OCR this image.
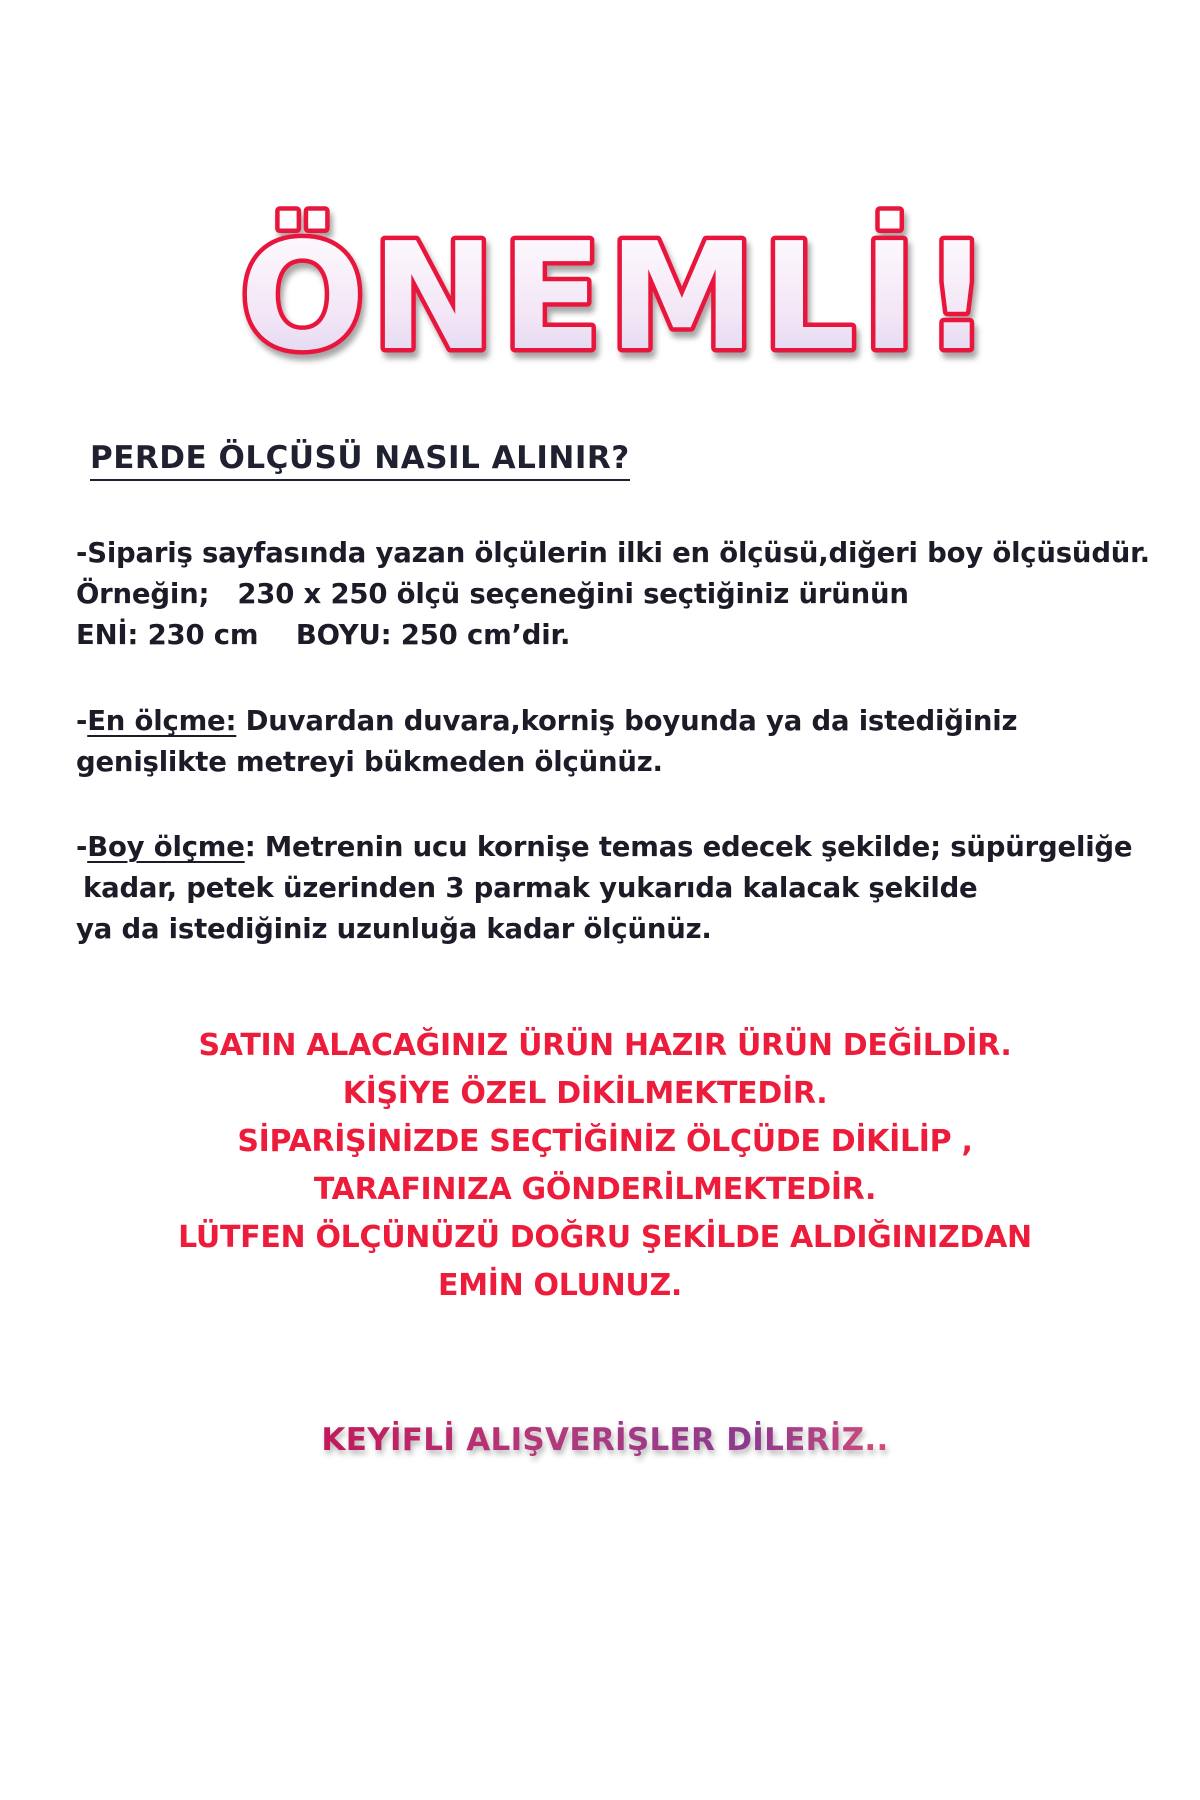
ÖNEMLİ!
PERDE ÖLÇÜSÜ NASIL ALINIR?

-Sipariş sayfasında yazan ölçülerin ilki en ölçüsü,diğeri boy ölçüsüdür.
Örneğin;   230 x 250 ölçü seçeneğini seçtiğiniz ürünün
ENİ: 230 cm    BOYU: 250 cm’dir.

-En ölçme: Duvardan duvara,korniş boyunda ya da istediğiniz
genişlikte metreyi bükmeden ölçünüz.

-Boy ölçme: Metrenin ucu kornişe temas edecek şekilde; süpürgeliğe
kadar, petek üzerinden 3 parmak yukarıda kalacak şekilde
ya da istediğiniz uzunluğa kadar ölçünüz.

SATIN ALACAĞINIZ ÜRÜN HAZIR ÜRÜN DEĞİLDİR.
KİŞİYE ÖZEL DİKİLMEKTEDİR.
SİPARİŞİNİZDE SEÇTİĞİNİZ ÖLÇÜDE DİKİLİP ,
TARAFINIZA GÖNDERİLMEKTEDİR.
LÜTFEN ÖLÇÜNÜZÜ DOĞRU ŞEKİLDE ALDIĞINIZDAN
EMİN OLUNUZ.

KEYİFLİ ALIŞVERİŞLER DİLERİZ..
